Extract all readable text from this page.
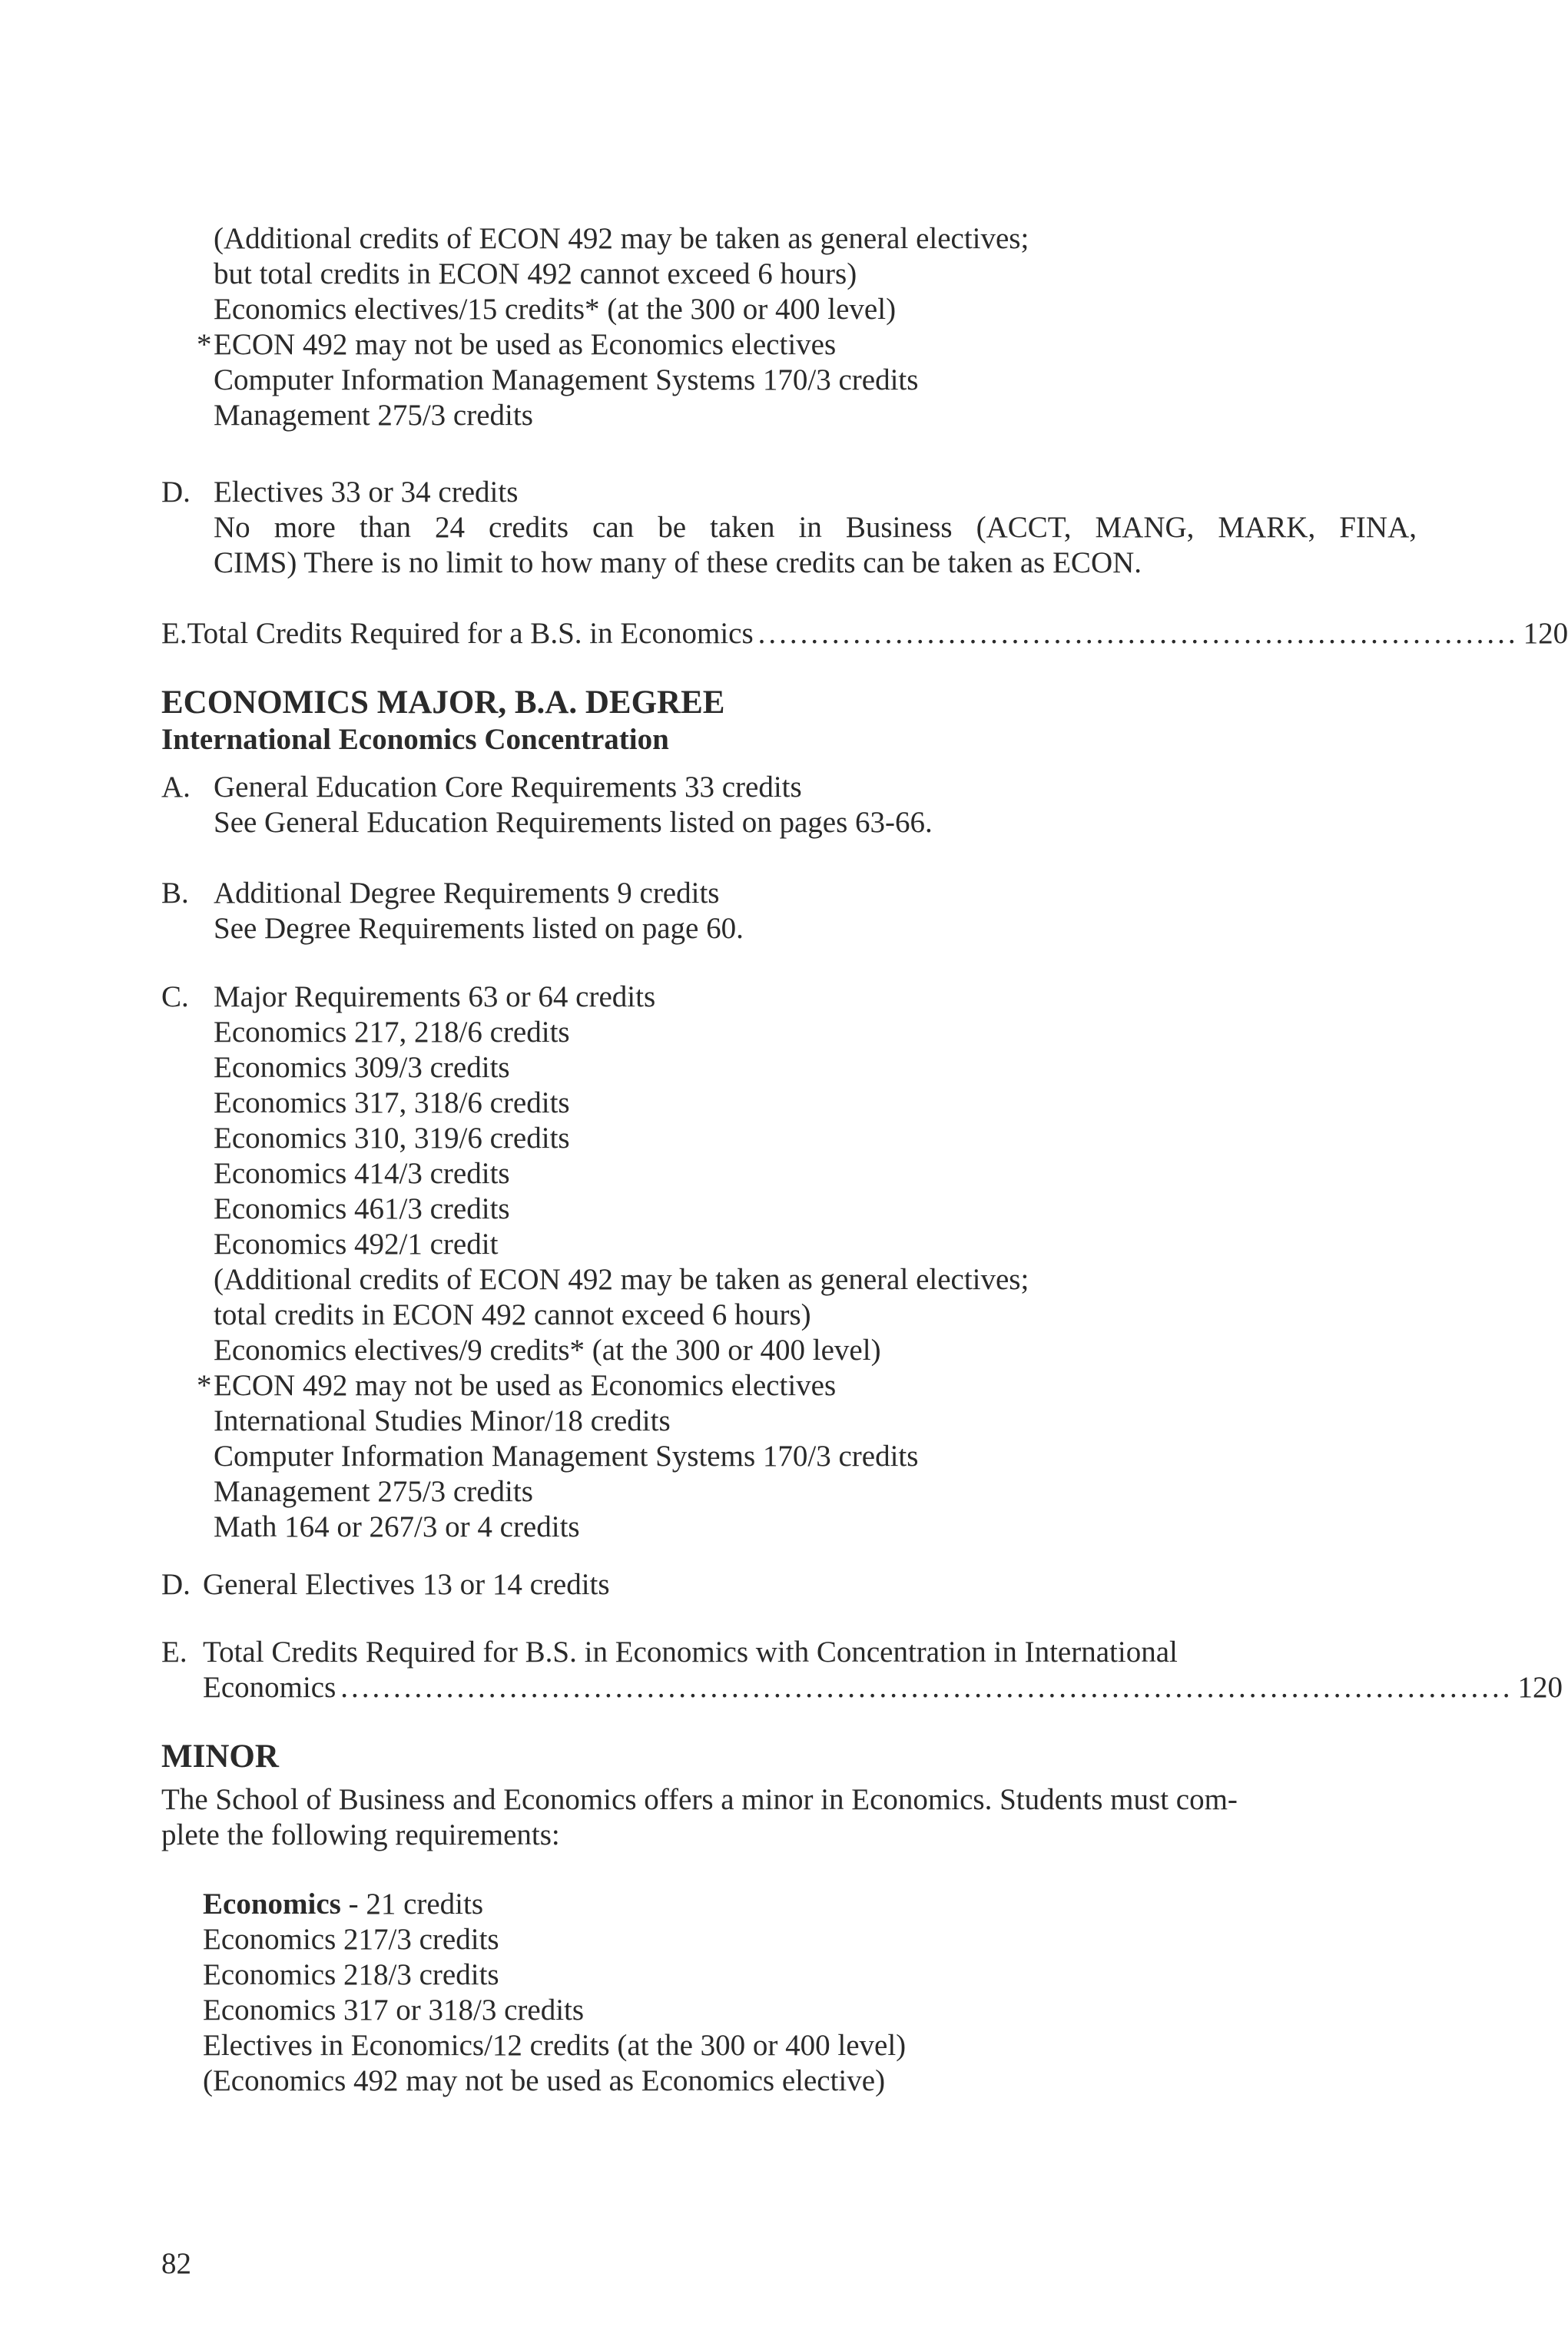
(Additional credits of ECON 492 may be taken as general electives;
but total credits in ECON 492 cannot exceed 6 hours)
Economics electives/15 credits* (at the 300 or 400 level)
*ECON 492 may not be used as Economics electives
Computer Information Management Systems 170/3 credits
Management 275/3 credits
D. Electives 33 or 34 credits
No more than 24 credits can be taken in Business (ACCT, MANG, MARK, FINA,
CIMS) There is no limit to how many of these credits can be taken as ECON.
E. Total Credits Required for a B.S. in Economics ........................................................................ 120
ECONOMICS MAJOR, B.A. DEGREE
International Economics Concentration
A. General Education Core Requirements 33 credits
See General Education Requirements listed on pages 63-66.
B. Additional Degree Requirements 9 credits
See Degree Requirements listed on page 60.
C. Major Requirements 63 or 64 credits
Economics 217, 218/6 credits
Economics 309/3 credits
Economics 317, 318/6 credits
Economics 310, 319/6 credits
Economics 414/3 credits
Economics 461/3 credits
Economics 492/1 credit
(Additional credits of ECON 492 may be taken as general electives;
total credits in ECON 492 cannot exceed 6 hours)
Economics electives/9 credits* (at the 300 or 400 level)
*ECON 492 may not be used as Economics electives
International Studies Minor/18 credits
Computer Information Management Systems 170/3 credits
Management 275/3 credits
Math 164 or 267/3 or 4 credits
D. General Electives 13 or 14 credits
E. Total Credits Required for B.S. in Economics with Concentration in International
Economics ............................................................................................................... 120
MINOR
The School of Business and Economics offers a minor in Economics. Students must com-
plete the following requirements:
Economics - 21 credits
Economics 217/3 credits
Economics 218/3 credits
Economics 317 or 318/3 credits
Electives in Economics/12 credits (at the 300 or 400 level)
(Economics 492 may not be used as Economics elective)
82
